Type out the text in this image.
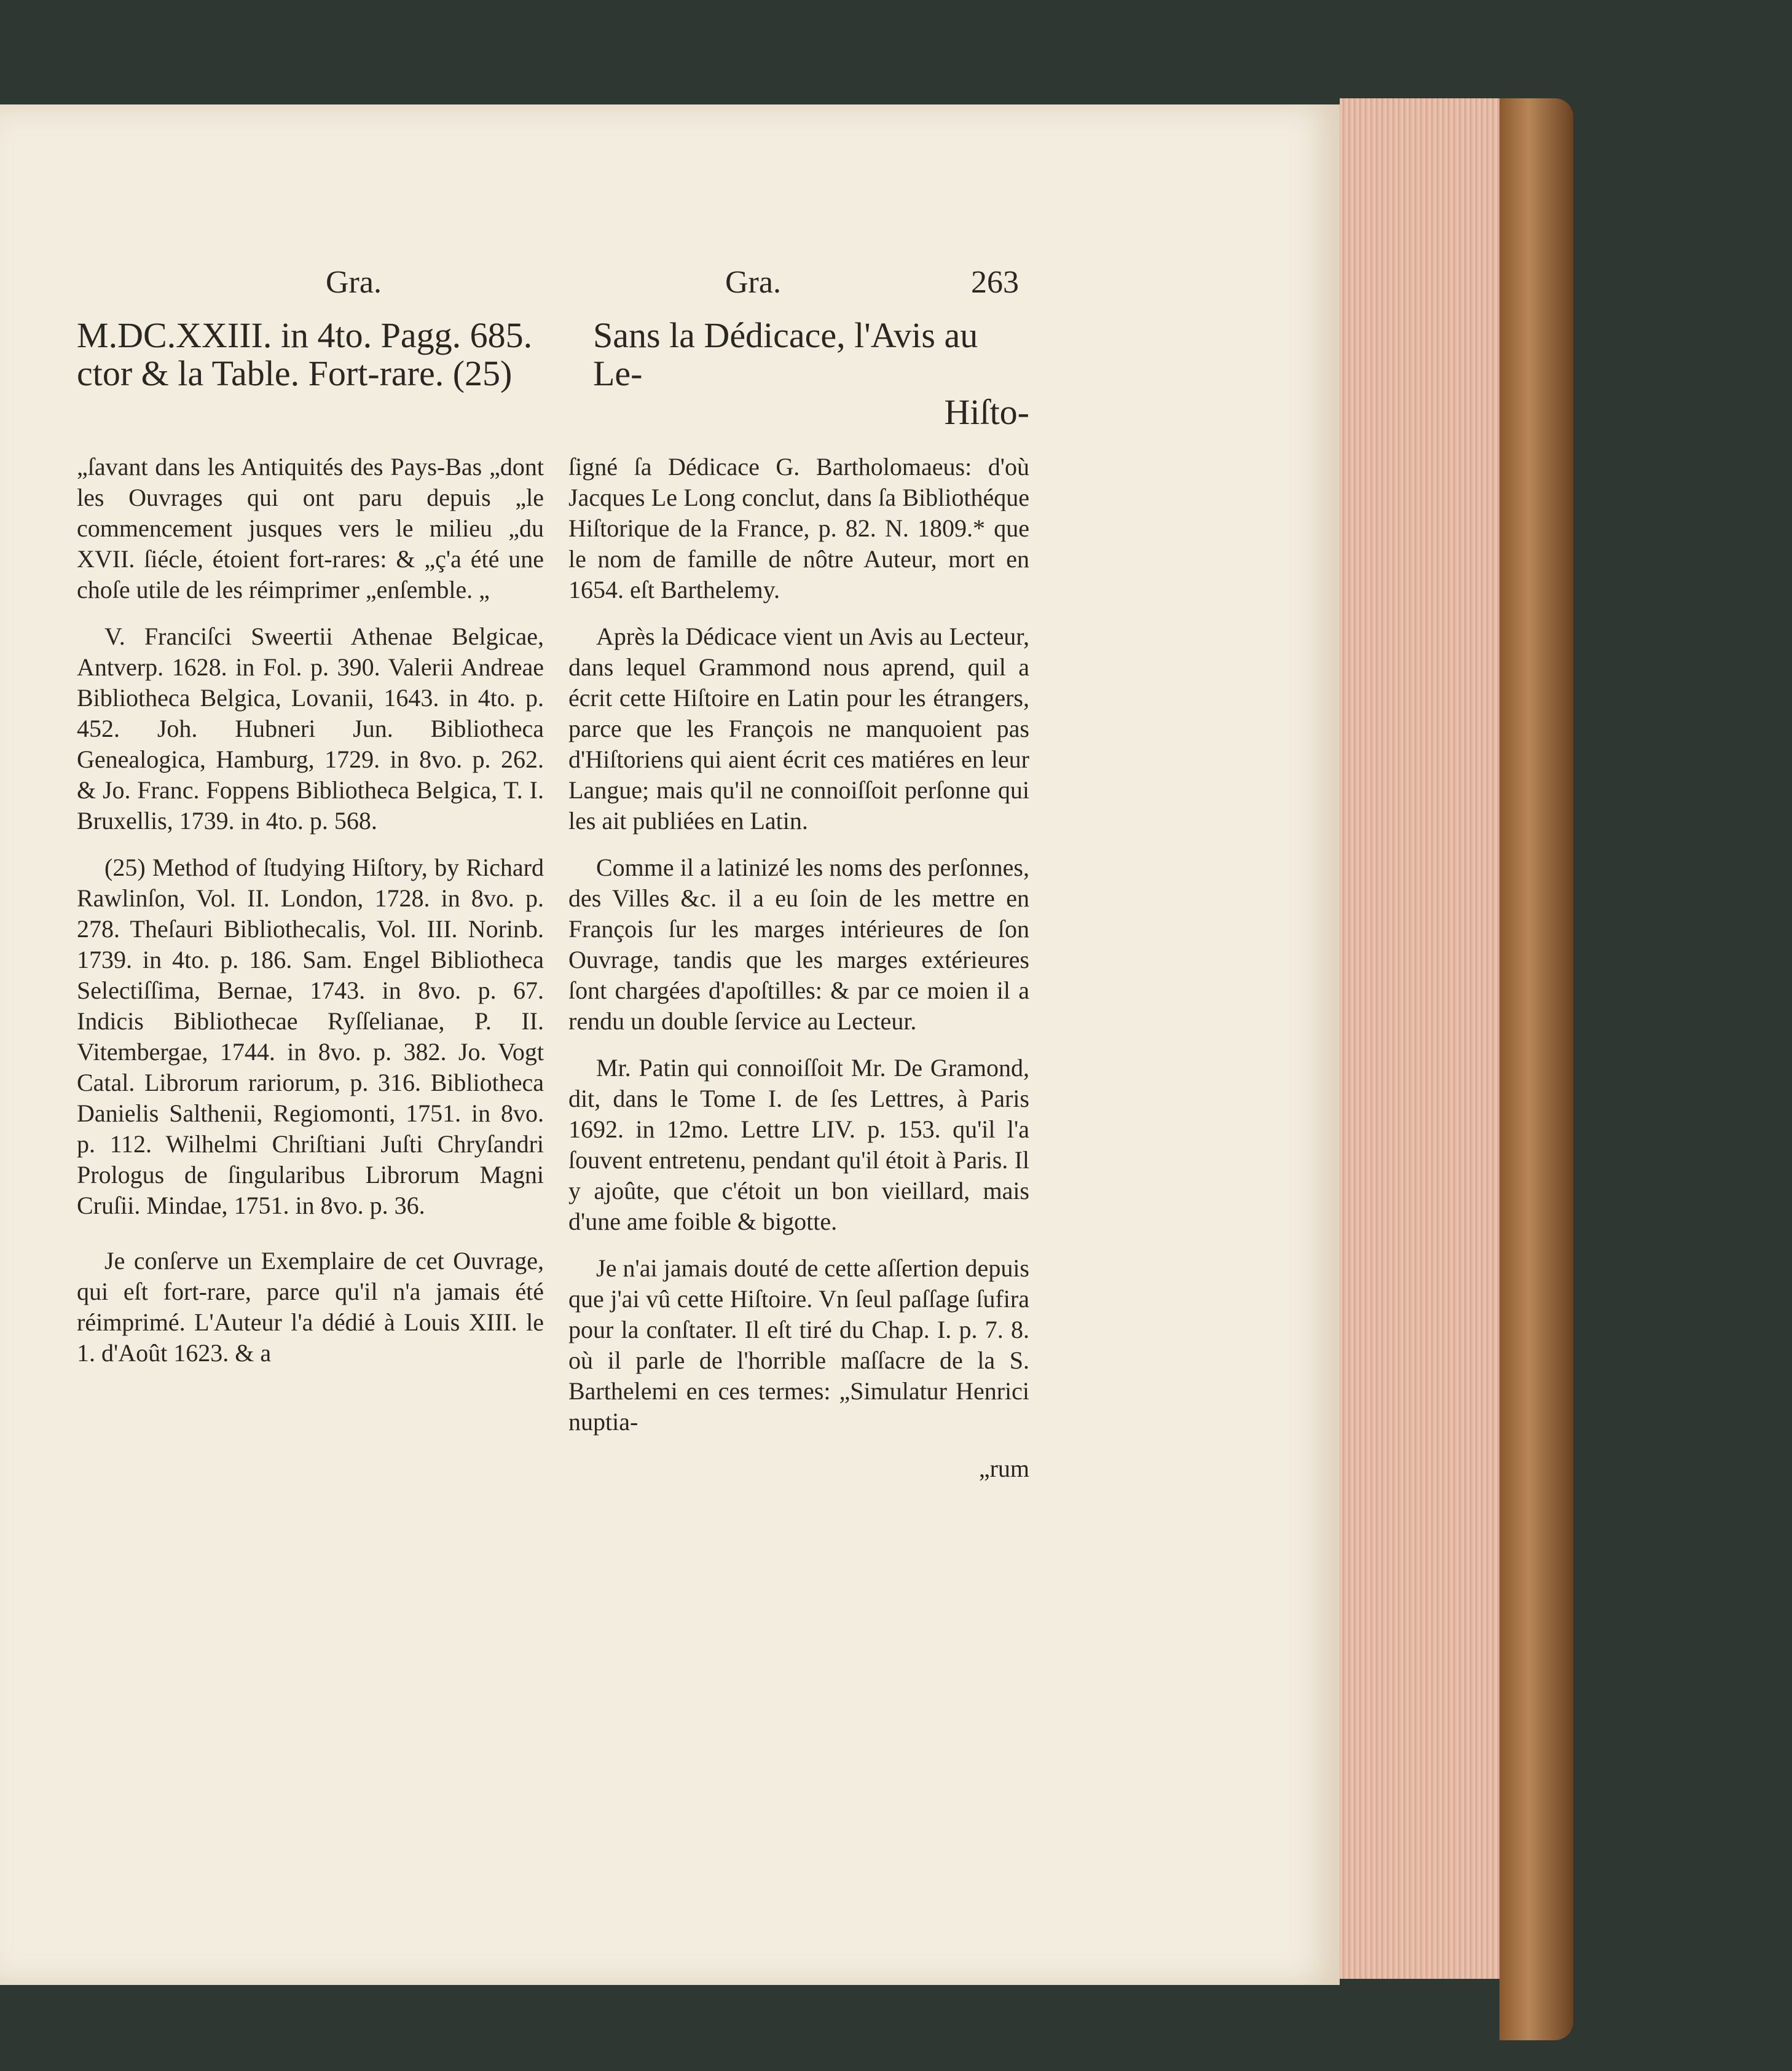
Gra.	Gra.	263
M.DC.XXIII. in 4to. Pagg. 685.
ctor & la Table. Fort-rare. (25)
Sans la Dédicace, l'Avis au Le-
Hiſto-

„ſavant dans les Antiquités des Pays-Bas „dont les Ouvrages qui ont paru depuis „le commencement jusques vers le milieu „du XVII. ſiécle, étoient fort-rares: & „ç'a été une choſe utile de les réimprimer „enſemble. „

V. Franciſci Sweertii Athenae Belgicae, Antverp. 1628. in Fol. p. 390. Valerii Andreae Bibliotheca Belgica, Lovanii, 1643. in 4to. p. 452. Joh. Hubneri Jun. Bibliotheca Genealogica, Hamburg, 1729. in 8vo. p. 262. & Jo. Franc. Foppens Bibliotheca Belgica, T. I. Bruxellis, 1739. in 4to. p. 568.

(25) Method of ſtudying Hiſtory, by Richard Rawlinſon, Vol. II. London, 1728. in 8vo. p. 278. Theſauri Bibliothecalis, Vol. III. Norinb. 1739. in 4to. p. 186. Sam. Engel Bibliotheca Selectiſſima, Bernae, 1743. in 8vo. p. 67. Indicis Bibliothecae Ryſſelianae, P. II. Vitembergae, 1744. in 8vo. p. 382. Jo. Vogt Catal. Librorum rariorum, p. 316. Bibliotheca Danielis Salthenii, Regiomonti, 1751. in 8vo. p. 112. Wilhelmi Chriſtiani Juſti Chryſandri Prologus de ſingularibus Librorum Magni Cruſii. Mindae, 1751. in 8vo. p. 36.

Je conſerve un Exemplaire de cet Ouvrage, qui eſt fort-rare, parce qu'il n'a jamais été réimprimé. L'Auteur l'a dédié à Louis XIII. le 1. d'Août 1623. & a

ſigné ſa Dédicace G. Bartholomaeus: d'où Jacques Le Long conclut, dans ſa Bibliothéque Hiſtorique de la France, p. 82. N. 1809.* que le nom de famille de nôtre Auteur, mort en 1654. eſt Barthelemy.

Après la Dédicace vient un Avis au Lecteur, dans lequel Grammond nous aprend, quil a écrit cette Hiſtoire en Latin pour les étrangers, parce que les François ne manquoient pas d'Hiſtoriens qui aient écrit ces matiéres en leur Langue; mais qu'il ne connoiſſoit perſonne qui les ait publiées en Latin.

Comme il a latinizé les noms des perſonnes, des Villes &c. il a eu ſoin de les mettre en François ſur les marges intérieures de ſon Ouvrage, tandis que les marges extérieures ſont chargées d'apoſtilles: & par ce moien il a rendu un double ſervice au Lecteur.

Mr. Patin qui connoiſſoit Mr. De Gramond, dit, dans le Tome I. de ſes Lettres, à Paris 1692. in 12mo. Lettre LIV. p. 153. qu'il l'a ſouvent entretenu, pendant qu'il étoit à Paris. Il y ajoûte, que c'étoit un bon vieillard, mais d'une ame foible & bigotte.

Je n'ai jamais douté de cette aſſertion depuis que j'ai vû cette Hiſtoire. Vn ſeul paſſage ſufira pour la conſtater. Il eſt tiré du Chap. I. p. 7. 8. où il parle de l'horrible maſſacre de la S. Barthelemi en ces termes: „Simulatur Henrici nuptia-

„rum
